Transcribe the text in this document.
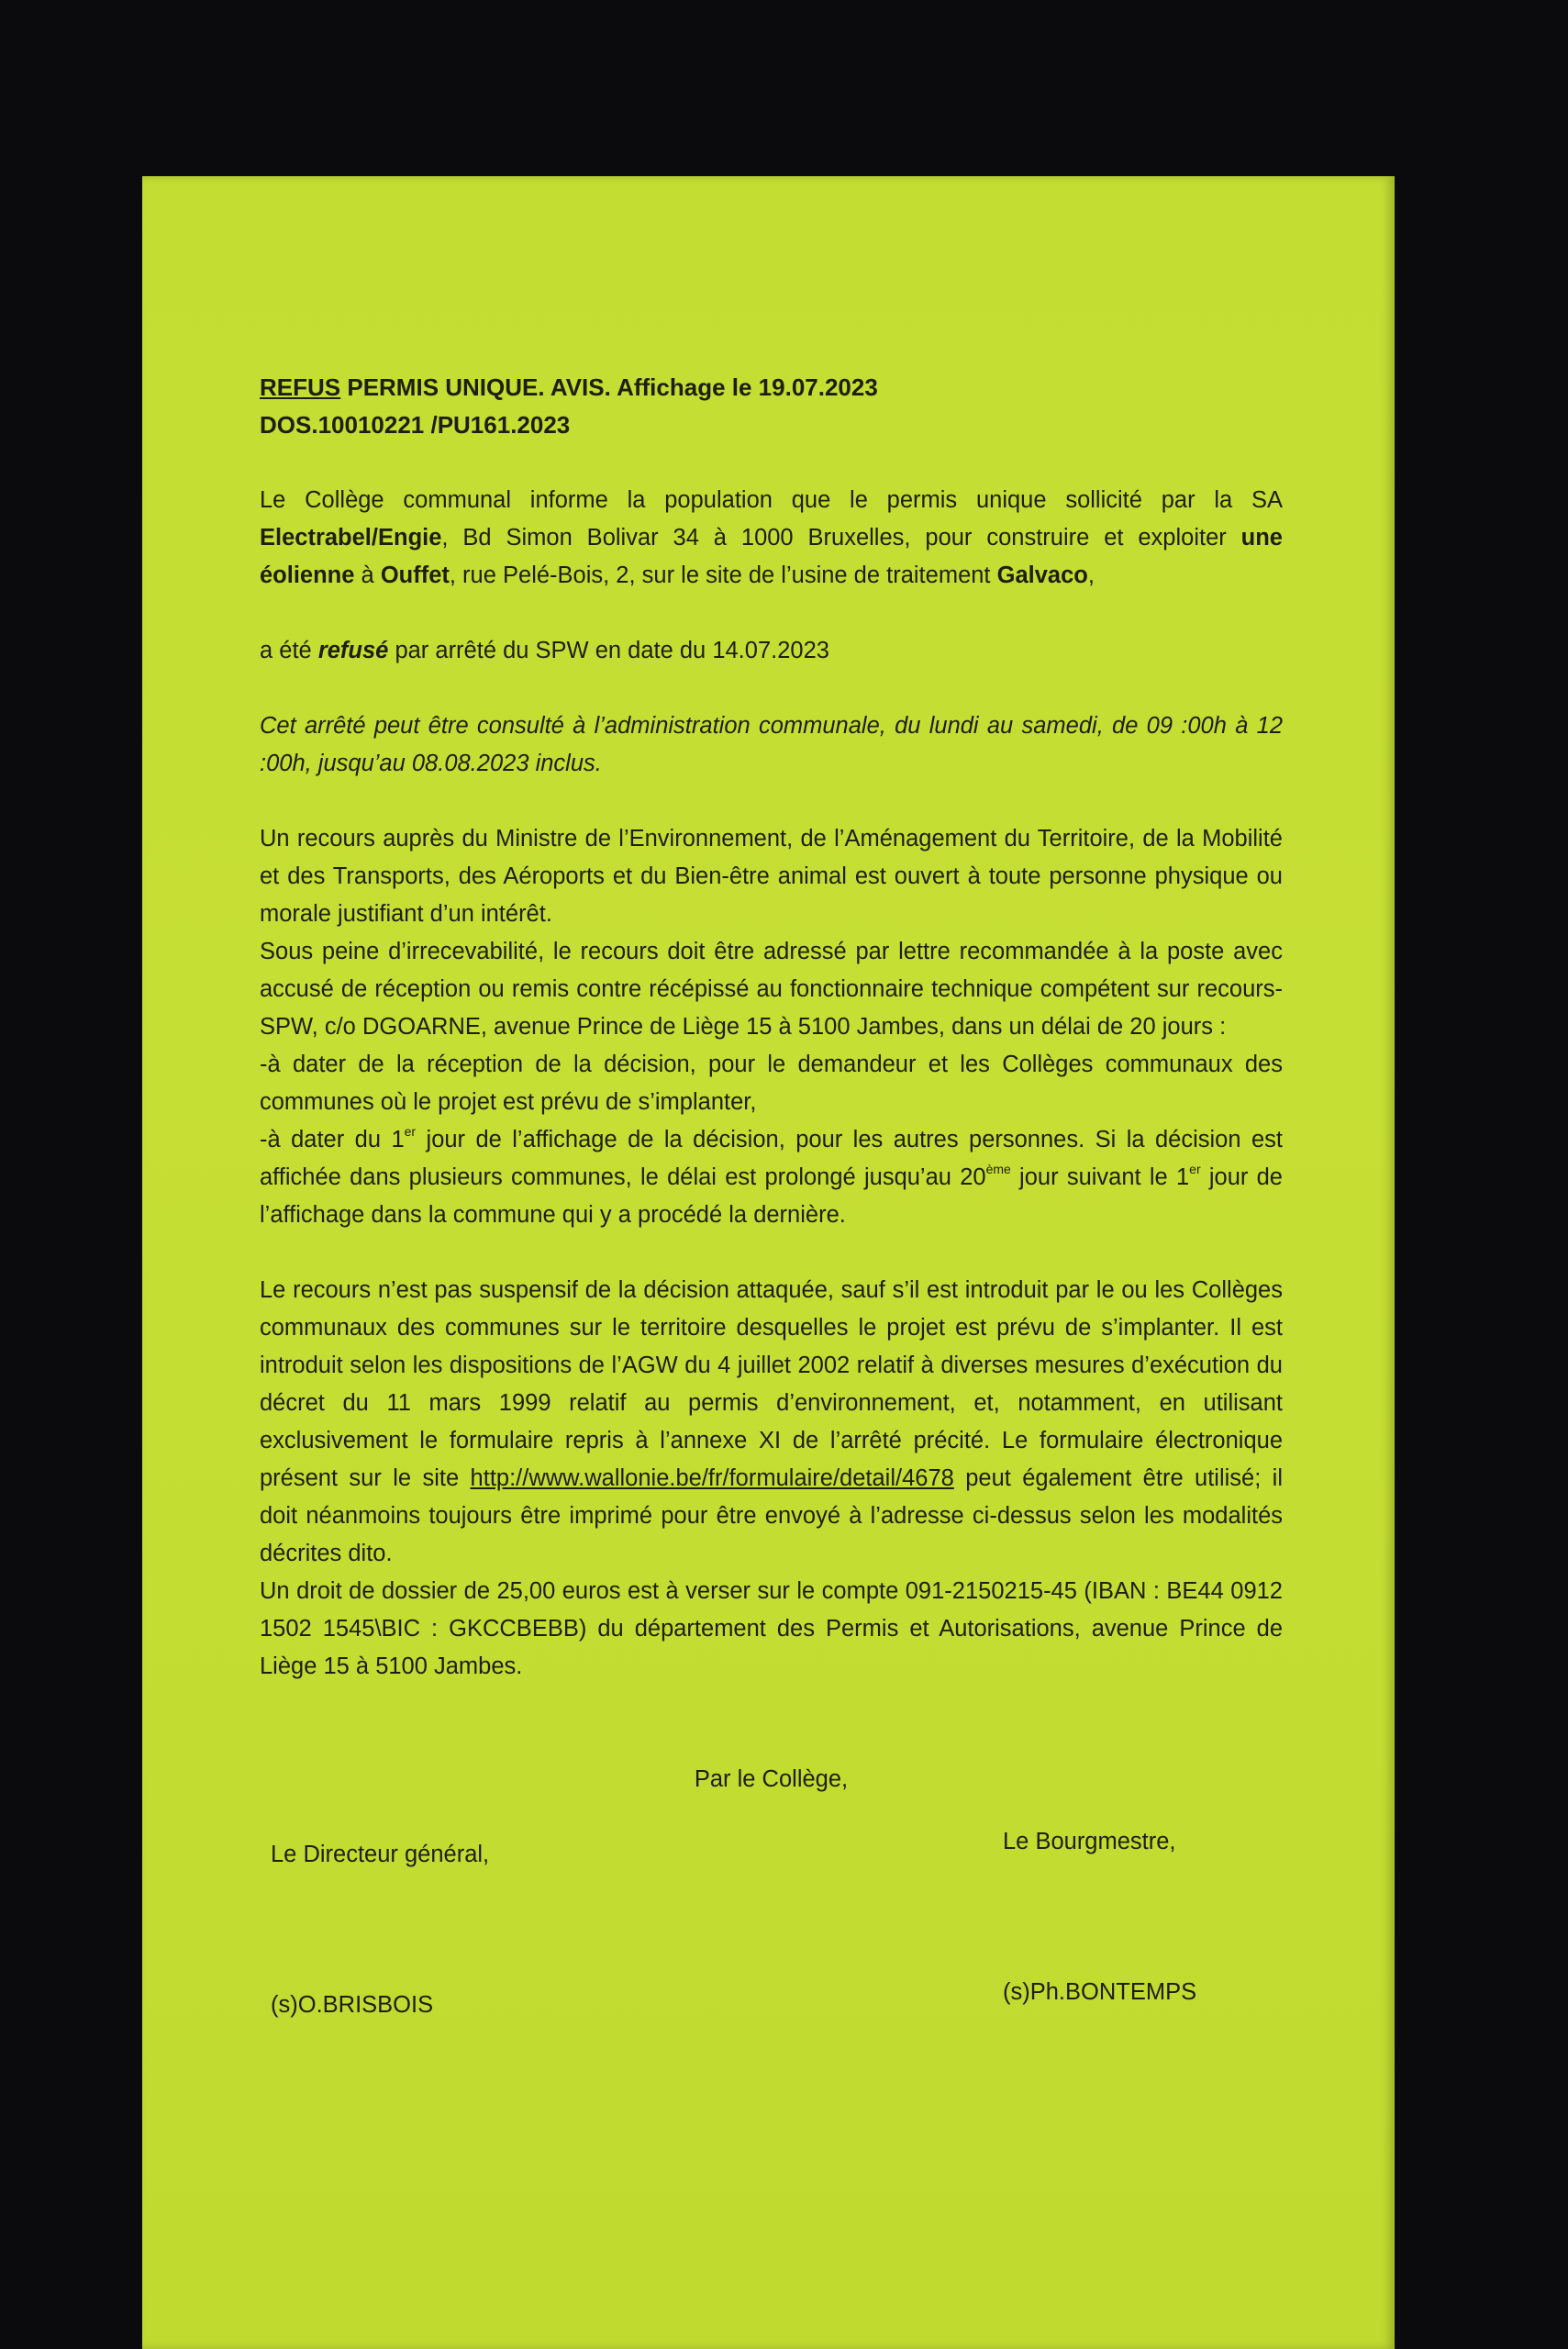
REFUS PERMIS UNIQUE. AVIS. Affichage le 19.07.2023
DOS.10010221 /PU161.2023

Le Collège communal informe la population que le permis unique sollicité par la SA Electrabel/Engie, Bd Simon Bolivar 34 à 1000 Bruxelles, pour construire et exploiter une éolienne à Ouffet, rue Pelé-Bois, 2, sur le site de l’usine de traitement Galvaco,

a été refusé par arrêté du SPW en date du 14.07.2023

Cet arrêté peut être consulté à l’administration communale, du lundi au samedi, de 09 :00h à 12 :00h, jusqu’au 08.08.2023 inclus.

Un recours auprès du Ministre de l’Environnement, de l’Aménagement du Territoire, de la Mobilité et des Transports, des Aéroports et du Bien-être animal est ouvert à toute personne physique ou morale justifiant d’un intérêt.

Sous peine d’irrecevabilité, le recours doit être adressé par lettre recommandée à la poste avec accusé de réception ou remis contre récépissé au fonctionnaire technique compétent sur recours-SPW, c/o DGOARNE, avenue Prince de Liège 15 à 5100 Jambes, dans un délai de 20 jours :

-à dater de la réception de la décision, pour le demandeur et les Collèges communaux des communes où le projet est prévu de s’implanter,

-à dater du 1er jour de l’affichage de la décision, pour les autres personnes. Si la décision est affichée dans plusieurs communes, le délai est prolongé jusqu’au 20ème jour suivant le 1er jour de l’affichage dans la commune qui y a procédé la dernière.

Le recours n’est pas suspensif de la décision attaquée, sauf s’il est introduit par le ou les Collèges communaux des communes sur le territoire desquelles le projet est prévu de s’implanter. Il est introduit selon les dispositions de l’AGW du 4 juillet 2002 relatif à diverses mesures d’exécution du décret du 11 mars 1999 relatif au permis d’environnement, et, notamment, en utilisant exclusivement le formulaire repris à l’annexe XI de l’arrêté précité. Le formulaire électronique présent sur le site http://www.wallonie.be/fr/formulaire/detail/4678 peut également être utilisé; il doit néanmoins toujours être imprimé pour être envoyé à l’adresse ci-dessus selon les modalités décrites dito.

Un droit de dossier de 25,00 euros est à verser sur le compte 091-2150215-45 (IBAN : BE44 0912 1502 1545\BIC : GKCCBEBB) du département des Permis et Autorisations, avenue Prince de Liège 15 à 5100 Jambes.

Par le Collège,

Le Directeur général,	Le Bourgmestre,
(s)O.BRISBOIS	(s)Ph.BONTEMPS
